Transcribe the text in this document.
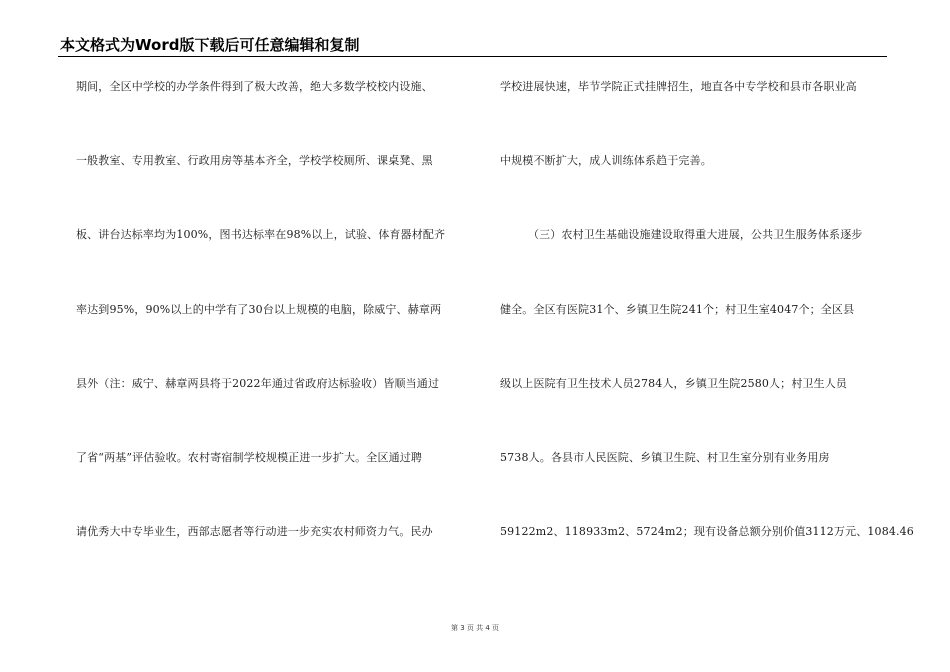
本文格式为Word版下载后可任意编辑和复制
期间，全区中学校的办学条件得到了极大改善，绝大多数学校校内设施、
一般教室、专用教室、行政用房等基本齐全，学校学校厕所、课桌凳、黑
板、讲台达标率均为100%，图书达标率在98%以上，试验、体育器材配齐
率达到95%，90%以上的中学有了30台以上规模的电脑，除威宁、赫章两
县外（注：威宁、赫章两县将于2022年通过省政府达标验收）皆顺当通过
了省“两基”评估验收。农村寄宿制学校规模正进一步扩大。全区通过聘
请优秀大中专毕业生，西部志愿者等行动进一步充实农村师资力气。民办
学校进展快速，毕节学院正式挂牌招生，地直各中专学校和县市各职业高
中规模不断扩大，成人训练体系趋于完善。
（三）农村卫生基础设施建设取得重大进展，公共卫生服务体系逐步
健全。全区有医院31个、乡镇卫生院241个；村卫生室4047个；全区县
级以上医院有卫生技术人员2784人，乡镇卫生院2580人；村卫生人员
5738人。各县市人民医院、乡镇卫生院、村卫生室分别有业务用房
59122m2、118933m2、5724m2；现有设备总额分别价值3112万元、1084.46
第 3 页 共 4 页
